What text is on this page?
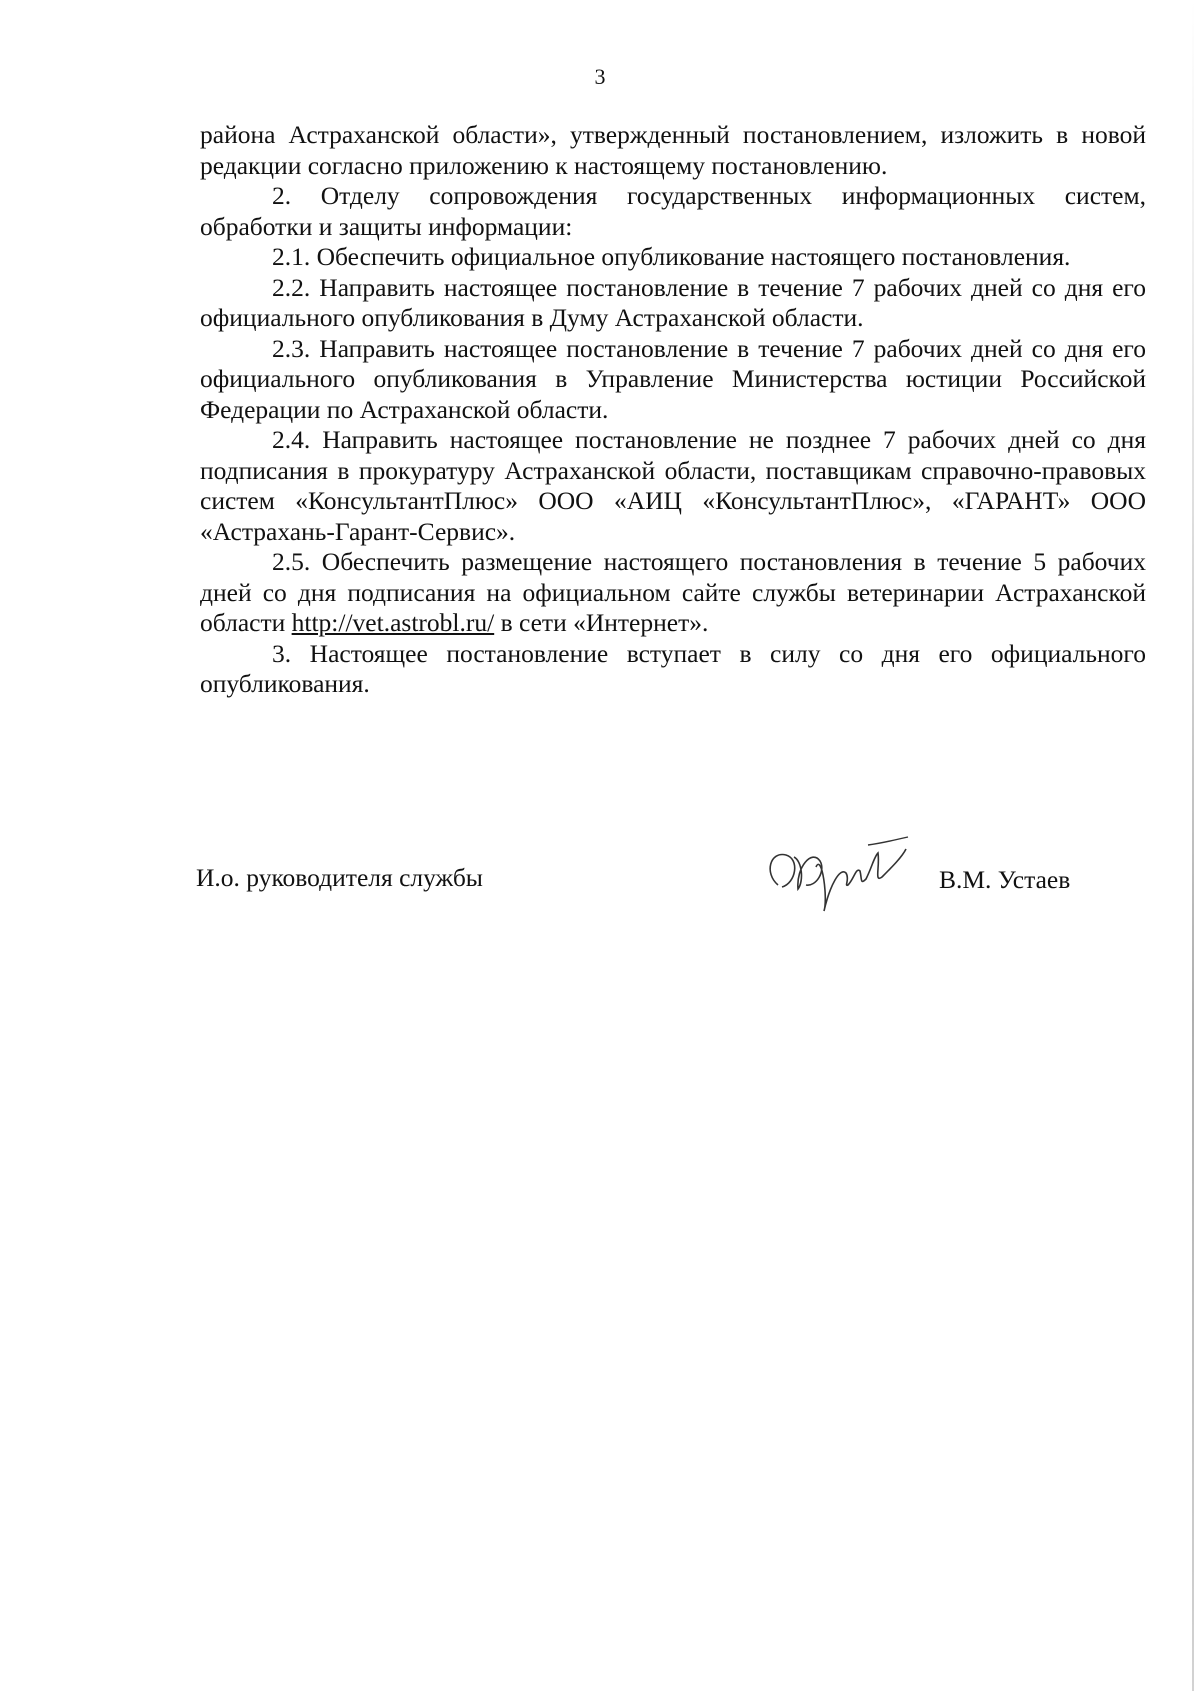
3

района Астраханской области», утвержденный постановлением, изложить в новой редакции согласно приложению к настоящему постановлению.

2. Отделу сопровождения государственных информационных систем, обработки и защиты информации:

2.1. Обеспечить официальное опубликование настоящего постановления.

2.2. Направить настоящее постановление в течение 7 рабочих дней со дня его официального опубликования в Думу Астраханской области.

2.3. Направить настоящее постановление в течение 7 рабочих дней со дня его официального опубликования в Управление Министерства юстиции Российской Федерации по Астраханской области.

2.4. Направить настоящее постановление не позднее 7 рабочих дней со дня подписания в прокуратуру Астраханской области, поставщикам справочно-правовых систем «КонсультантПлюс» ООО «АИЦ «КонсультантПлюс», «ГАРАНТ» ООО «Астрахань-Гарант-Сервис».

2.5. Обеспечить размещение настоящего постановления в течение 5 рабочих дней со дня подписания на официальном сайте службы ветеринарии Астраханской области http://vet.astrobl.ru/ в сети «Интернет».

3. Настоящее постановление вступает в силу со дня его официального опубликования.

И.о. руководителя службы	В.М. Устаев
